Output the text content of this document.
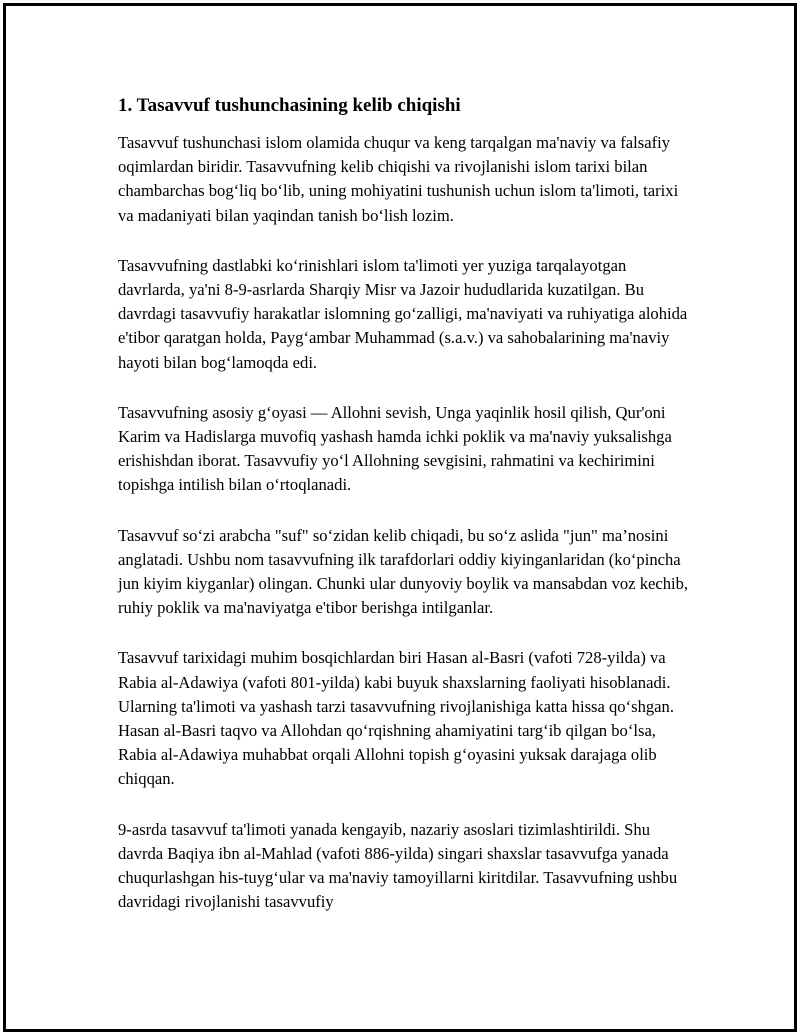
1. Tasavvuf tushunchasining kelib chiqishi

Tasavvuf tushunchasi islom olamida chuqur va keng tarqalgan ma'naviy va falsafiy oqimlardan biridir. Tasavvufning kelib chiqishi va rivojlanishi islom tarixi bilan chambarchas bog‘liq bo‘lib, uning mohiyatini tushunish uchun islom ta'limoti, tarixi va madaniyati bilan yaqindan tanish bo‘lish lozim.

Tasavvufning dastlabki ko‘rinishlari islom ta'limoti yer yuziga tarqalayotgan davrlarda, ya'ni 8-9-asrlarda Sharqiy Misr va Jazoir hududlarida kuzatilgan. Bu davrdagi tasavvufiy harakatlar islomning go‘zalligi, ma'naviyati va ruhiyatiga alohida e'tibor qaratgan holda, Payg‘ambar Muhammad (s.a.v.) va sahobalarining ma'naviy hayoti bilan bog‘lamoqda edi.

Tasavvufning asosiy g‘oyasi — Allohni sevish, Unga yaqinlik hosil qilish, Qur'oni Karim va Hadislarga muvofiq yashash hamda ichki poklik va ma'naviy yuksalishga erishishdan iborat. Tasavvufiy yo‘l Allohning sevgisini, rahmatini va kechirimini topishga intilish bilan o‘rtoqlanadi.

Tasavvuf so‘zi arabcha "suf" so‘zidan kelib chiqadi, bu so‘z aslida "jun" ma’nosini anglatadi. Ushbu nom tasavvufning ilk tarafdorlari oddiy kiyinganlaridan (ko‘pincha jun kiyim kiyganlar) olingan. Chunki ular dunyoviy boylik va mansabdan voz kechib, ruhiy poklik va ma'naviyatga e'tibor berishga intilganlar.

Tasavvuf tarixidagi muhim bosqichlardan biri Hasan al-Basri (vafoti 728-yilda) va Rabia al-Adawiya (vafoti 801-yilda) kabi buyuk shaxslarning faoliyati hisoblanadi. Ularning ta'limoti va yashash tarzi tasavvufning rivojlanishiga katta hissa qo‘shgan. Hasan al-Basri taqvo va Allohdan qo‘rqishning ahamiyatini targ‘ib qilgan bo‘lsa, Rabia al-Adawiya muhabbat orqali Allohni topish g‘oyasini yuksak darajaga olib chiqqan.

9-asrda tasavvuf ta'limoti yanada kengayib, nazariy asoslari tizimlashtirildi. Shu davrda Baqiya ibn al-Mahlad (vafoti 886-yilda) singari shaxslar tasavvufga yanada chuqurlashgan his-tuyg‘ular va ma'naviy tamoyillarni kiritdilar. Tasavvufning ushbu davridagi rivojlanishi tasavvufiy
